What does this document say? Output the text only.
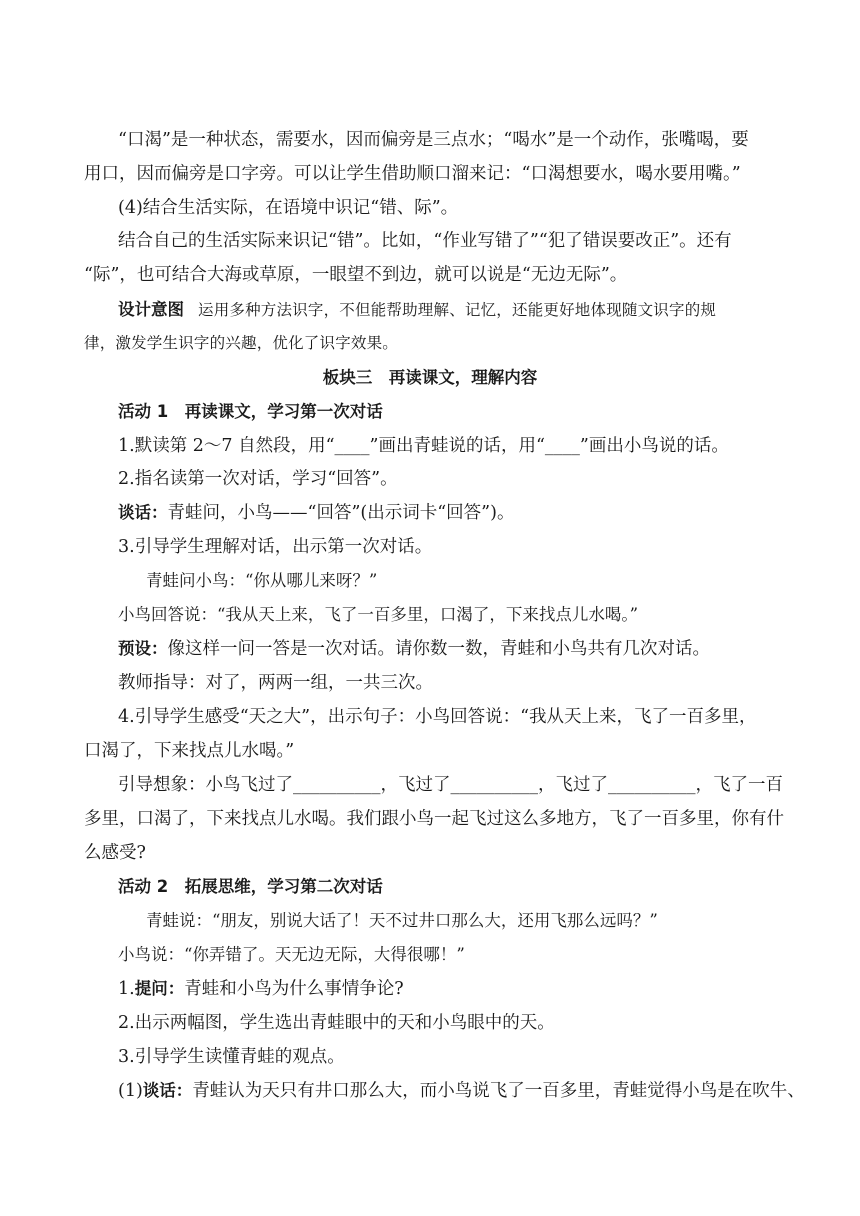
“口渴”是一种状态，需要水，因而偏旁是三点水；“喝水”是一个动作，张嘴喝，要
用口，因而偏旁是口字旁。可以让学生借助顺口溜来记：“口渴想要水，喝水要用嘴。”
(4)结合生活实际，在语境中识记“错、际”。
结合自己的生活实际来识记“错”。比如，“作业写错了”“犯了错误要改正”。还有
“际”，也可结合大海或草原，一眼望不到边，就可以说是“无边无际”。
设计意图 运用多种方法识字，不但能帮助理解、记忆，还能更好地体现随文识字的规
律，激发学生识字的兴趣，优化了识字效果。
板块三　再读课文，理解内容
活动 1　再读课文，学习第一次对话
1.默读第 2～7 自然段，用“____”画出青蛙说的话，用“____”画出小鸟说的话。
2.指名读第一次对话，学习“回答”。
谈话：青蛙问，小鸟——“回答”(出示词卡“回答”)。
3.引导学生理解对话，出示第一次对话。
青蛙问小鸟：“你从哪儿来呀？”
小鸟回答说：“我从天上来，飞了一百多里，口渴了，下来找点儿水喝。”
预设：像这样一问一答是一次对话。请你数一数，青蛙和小鸟共有几次对话。
教师指导：对了，两两一组，一共三次。
4.引导学生感受“天之大”，出示句子：小鸟回答说：“我从天上来，飞了一百多里，
口渴了，下来找点儿水喝。”
引导想象：小鸟飞过了__________，飞过了__________，飞过了__________，飞了一百
多里，口渴了，下来找点儿水喝。我们跟小鸟一起飞过这么多地方，飞了一百多里，你有什
么感受?
活动 2　拓展思维，学习第二次对话
青蛙说：“朋友，别说大话了！天不过井口那么大，还用飞那么远吗？”
小鸟说：“你弄错了。天无边无际，大得很哪！”
1.提问：青蛙和小鸟为什么事情争论?
2.出示两幅图，学生选出青蛙眼中的天和小鸟眼中的天。
3.引导学生读懂青蛙的观点。
(1)谈话：青蛙认为天只有井口那么大，而小鸟说飞了一百多里，青蛙觉得小鸟是在吹牛、
